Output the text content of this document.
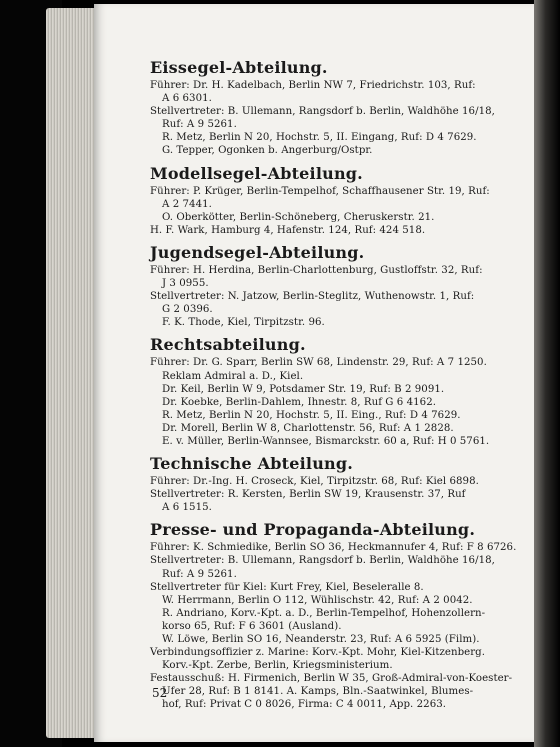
Eissegel-Abteilung.
Führer: Dr. H. Kadelbach, Berlin NW 7, Friedrichstr. 103, Ruf:
A 6 6301.
Stellvertreter: B. Ullemann, Rangsdorf b. Berlin, Waldhöhe 16/18,
Ruf: A 9 5261.
R. Metz, Berlin N 20, Hochstr. 5, II. Eingang, Ruf: D 4 7629.
G. Tepper, Ogonken b. Angerburg/Ostpr.
Modellsegel-Abteilung.
Führer: P. Krüger, Berlin-Tempelhof, Schaffhausener Str. 19, Ruf:
A 2 7441.
O. Oberkötter, Berlin-Schöneberg, Cheruskerstr. 21.
H. F. Wark, Hamburg 4, Hafenstr. 124, Ruf: 424 518.
Jugendsegel-Abteilung.
Führer: H. Herdina, Berlin-Charlottenburg, Gustloffstr. 32, Ruf:
J 3 0955.
Stellvertreter: N. Jatzow, Berlin-Steglitz, Wuthenowstr. 1, Ruf:
G 2 0396.
F. K. Thode, Kiel, Tirpitzstr. 96.
Rechtsabteilung.
Führer: Dr. G. Sparr, Berlin SW 68, Lindenstr. 29, Ruf: A 7 1250.
Reklam Admiral a. D., Kiel.
Dr. Keil, Berlin W 9, Potsdamer Str. 19, Ruf: B 2 9091.
Dr. Koebke, Berlin-Dahlem, Ihnestr. 8, Ruf G 6 4162.
R. Metz, Berlin N 20, Hochstr. 5, II. Eing., Ruf: D 4 7629.
Dr. Morell, Berlin W 8, Charlottenstr. 56, Ruf: A 1 2828.
E. v. Müller, Berlin-Wannsee, Bismarckstr. 60 a, Ruf: H 0 5761.
Technische Abteilung.
Führer: Dr.-Ing. H. Croseck, Kiel, Tirpitzstr. 68, Ruf: Kiel 6898.
Stellvertreter: R. Kersten, Berlin SW 19, Krausenstr. 37, Ruf
A 6 1515.
Presse- und Propaganda-Abteilung.
Führer: K. Schmiedike, Berlin SO 36, Heckmannufer 4, Ruf: F 8 6726.
Stellvertreter: B. Ullemann, Rangsdorf b. Berlin, Waldhöhe 16/18,
Ruf: A 9 5261.
Stellvertreter für Kiel: Kurt Frey, Kiel, Beseleralle 8.
W. Herrmann, Berlin O 112, Wühlischstr. 42, Ruf: A 2 0042.
R. Andriano, Korv.-Kpt. a. D., Berlin-Tempelhof, Hohenzollern-
korso 65, Ruf: F 6 3601 (Ausland).
W. Löwe, Berlin SO 16, Neanderstr. 23, Ruf: A 6 5925 (Film).
Verbindungsoffizier z. Marine: Korv.-Kpt. Mohr, Kiel-Kitzenberg.
Korv.-Kpt. Zerbe, Berlin, Kriegsministerium.
Festausschuß: H. Firmenich, Berlin W 35, Groß-Admiral-von-Koester-
Ufer 28, Ruf: B 1 8141. A. Kamps, Bln.-Saatwinkel, Blumes-
hof, Ruf: Privat C 0 8026, Firma: C 4 0011, App. 2263.
52
